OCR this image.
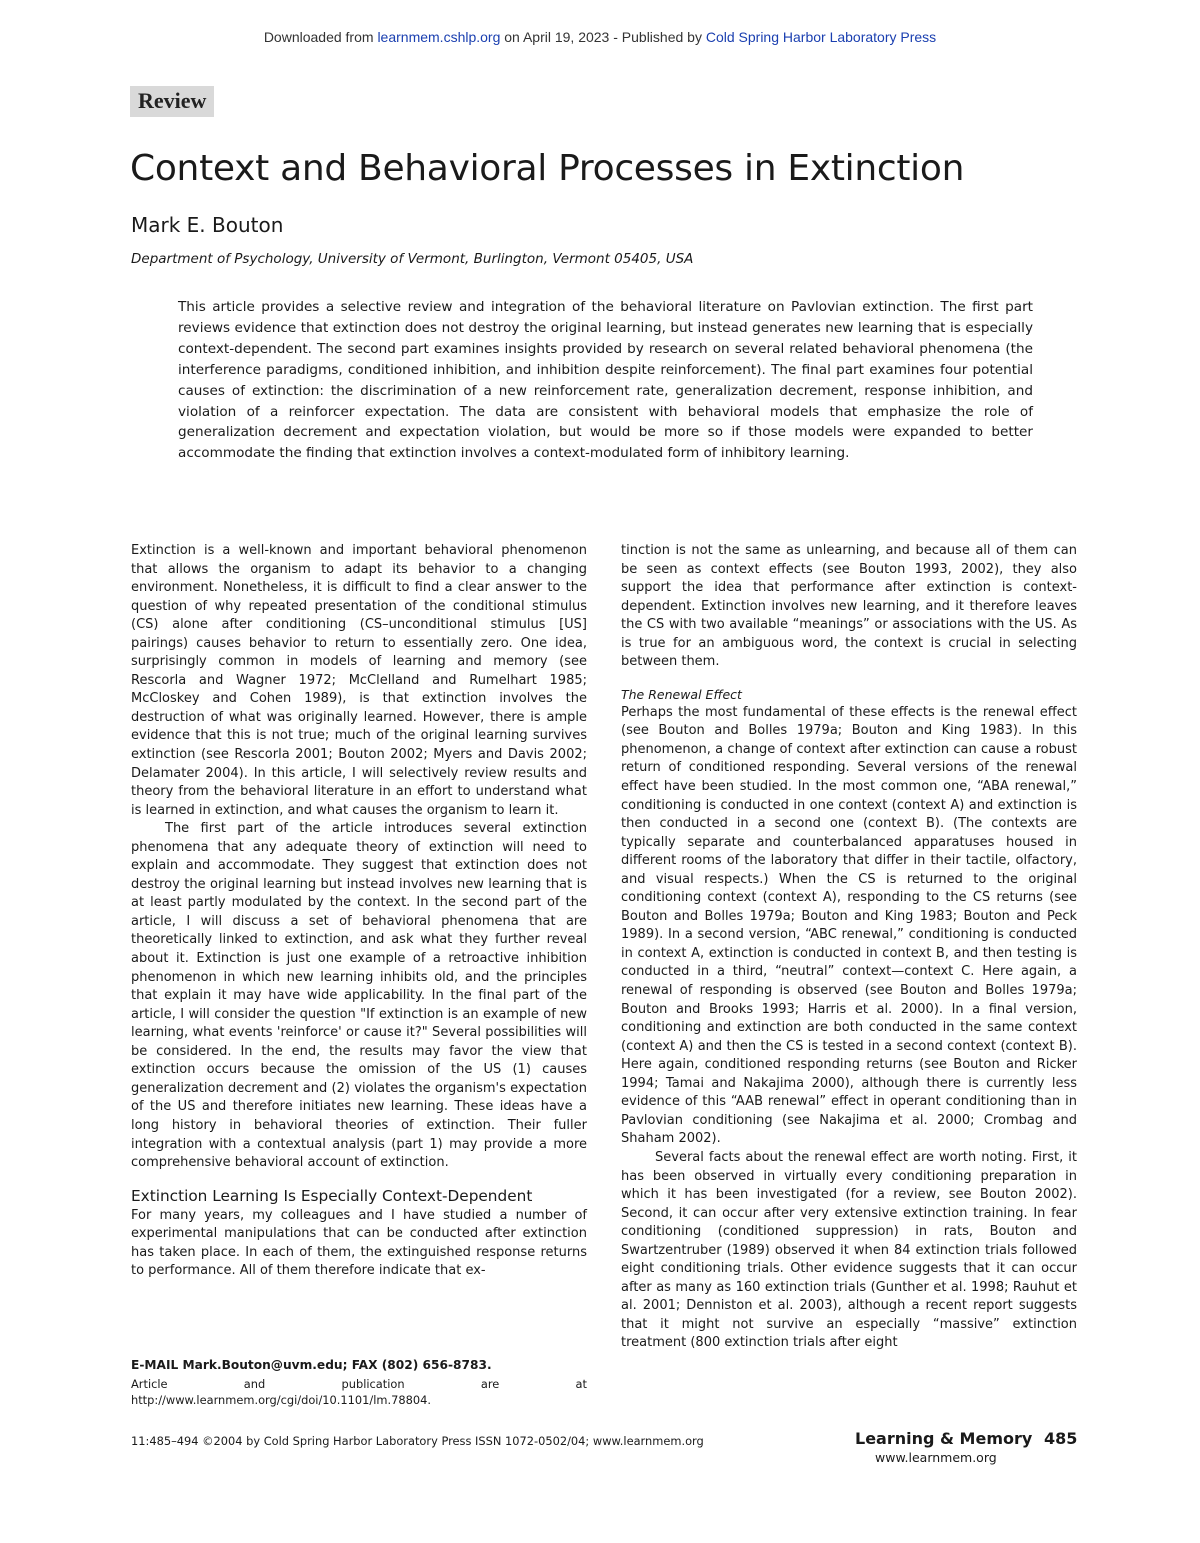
Downloaded from learnmem.cshlp.org on April 19, 2023 - Published by Cold Spring Harbor Laboratory Press
Review
Context and Behavioral Processes in Extinction
Mark E. Bouton
Department of Psychology, University of Vermont, Burlington, Vermont 05405, USA

This article provides a selective review and integration of the behavioral literature on Pavlovian extinction. The first part reviews evidence that extinction does not destroy the original learning, but instead generates new learning that is especially context-dependent. The second part examines insights provided by research on several related behavioral phenomena (the interference paradigms, conditioned inhibition, and inhibition despite reinforcement). The final part examines four potential causes of extinction: the discrimination of a new reinforcement rate, generalization decrement, response inhibition, and violation of a reinforcer expectation. The data are consistent with behavioral models that emphasize the role of generalization decrement and expectation violation, but would be more so if those models were expanded to better accommodate the finding that extinction involves a context-modulated form of inhibitory learning.

Extinction is a well-known and important behavioral phenomenon that allows the organism to adapt its behavior to a changing environment. Nonetheless, it is difficult to find a clear answer to the question of why repeated presentation of the conditional stimulus (CS) alone after conditioning (CS–unconditional stimulus [US] pairings) causes behavior to return to essentially zero. One idea, surprisingly common in models of learning and memory (see Rescorla and Wagner 1972; McClelland and Rumelhart 1985; McCloskey and Cohen 1989), is that extinction involves the destruction of what was originally learned. However, there is ample evidence that this is not true; much of the original learning survives extinction (see Rescorla 2001; Bouton 2002; Myers and Davis 2002; Delamater 2004). In this article, I will selectively review results and theory from the behavioral literature in an effort to understand what is learned in extinction, and what causes the organism to learn it.

The first part of the article introduces several extinction phenomena that any adequate theory of extinction will need to explain and accommodate. They suggest that extinction does not destroy the original learning but instead involves new learning that is at least partly modulated by the context. In the second part of the article, I will discuss a set of behavioral phenomena that are theoretically linked to extinction, and ask what they further reveal about it. Extinction is just one example of a retroactive inhibition phenomenon in which new learning inhibits old, and the principles that explain it may have wide applicability. In the final part of the article, I will consider the question "If extinction is an example of new learning, what events 'reinforce' or cause it?" Several possibilities will be considered. In the end, the results may favor the view that extinction occurs because the omission of the US (1) causes generalization decrement and (2) violates the organism's expectation of the US and therefore initiates new learning. These ideas have a long history in behavioral theories of extinction. Their fuller integration with a contextual analysis (part 1) may provide a more comprehensive behavioral account of extinction.

Extinction Learning Is Especially Context-Dependent

For many years, my colleagues and I have studied a number of experimental manipulations that can be conducted after extinction has taken place. In each of them, the extinguished response returns to performance. All of them therefore indicate that ex-

tinction is not the same as unlearning, and because all of them can be seen as context effects (see Bouton 1993, 2002), they also support the idea that performance after extinction is context-dependent. Extinction involves new learning, and it therefore leaves the CS with two available “meanings” or associations with the US. As is true for an ambiguous word, the context is crucial in selecting between them.

The Renewal Effect

Perhaps the most fundamental of these effects is the renewal effect (see Bouton and Bolles 1979a; Bouton and King 1983). In this phenomenon, a change of context after extinction can cause a robust return of conditioned responding. Several versions of the renewal effect have been studied. In the most common one, “ABA renewal,” conditioning is conducted in one context (context A) and extinction is then conducted in a second one (context B). (The contexts are typically separate and counterbalanced apparatuses housed in different rooms of the laboratory that differ in their tactile, olfactory, and visual respects.) When the CS is returned to the original conditioning context (context A), responding to the CS returns (see Bouton and Bolles 1979a; Bouton and King 1983; Bouton and Peck 1989). In a second version, “ABC renewal,” conditioning is conducted in context A, extinction is conducted in context B, and then testing is conducted in a third, “neutral” context—context C. Here again, a renewal of responding is observed (see Bouton and Bolles 1979a; Bouton and Brooks 1993; Harris et al. 2000). In a final version, conditioning and extinction are both conducted in the same context (context A) and then the CS is tested in a second context (context B). Here again, conditioned responding returns (see Bouton and Ricker 1994; Tamai and Nakajima 2000), although there is currently less evidence of this “AAB renewal” effect in operant conditioning than in Pavlovian conditioning (see Nakajima et al. 2000; Crombag and Shaham 2002).

Several facts about the renewal effect are worth noting. First, it has been observed in virtually every conditioning preparation in which it has been investigated (for a review, see Bouton 2002). Second, it can occur after very extensive extinction training. In fear conditioning (conditioned suppression) in rats, Bouton and Swartzentruber (1989) observed it when 84 extinction trials followed eight conditioning trials. Other evidence suggests that it can occur after as many as 160 extinction trials (Gunther et al. 1998; Rauhut et al. 2001; Denniston et al. 2003), although a recent report suggests that it might not survive an especially “massive” extinction treatment (800 extinction trials after eight

E-MAIL Mark.Bouton@uvm.edu; FAX (802) 656-8783.
Article and publication are at http://www.learnmem.org/cgi/doi/10.1101/lm.78804.
11:485–494 ©2004 by Cold Spring Harbor Laboratory Press ISSN 1072-0502/04; www.learnmem.org	Learning & Memory 485
www.learnmem.org
